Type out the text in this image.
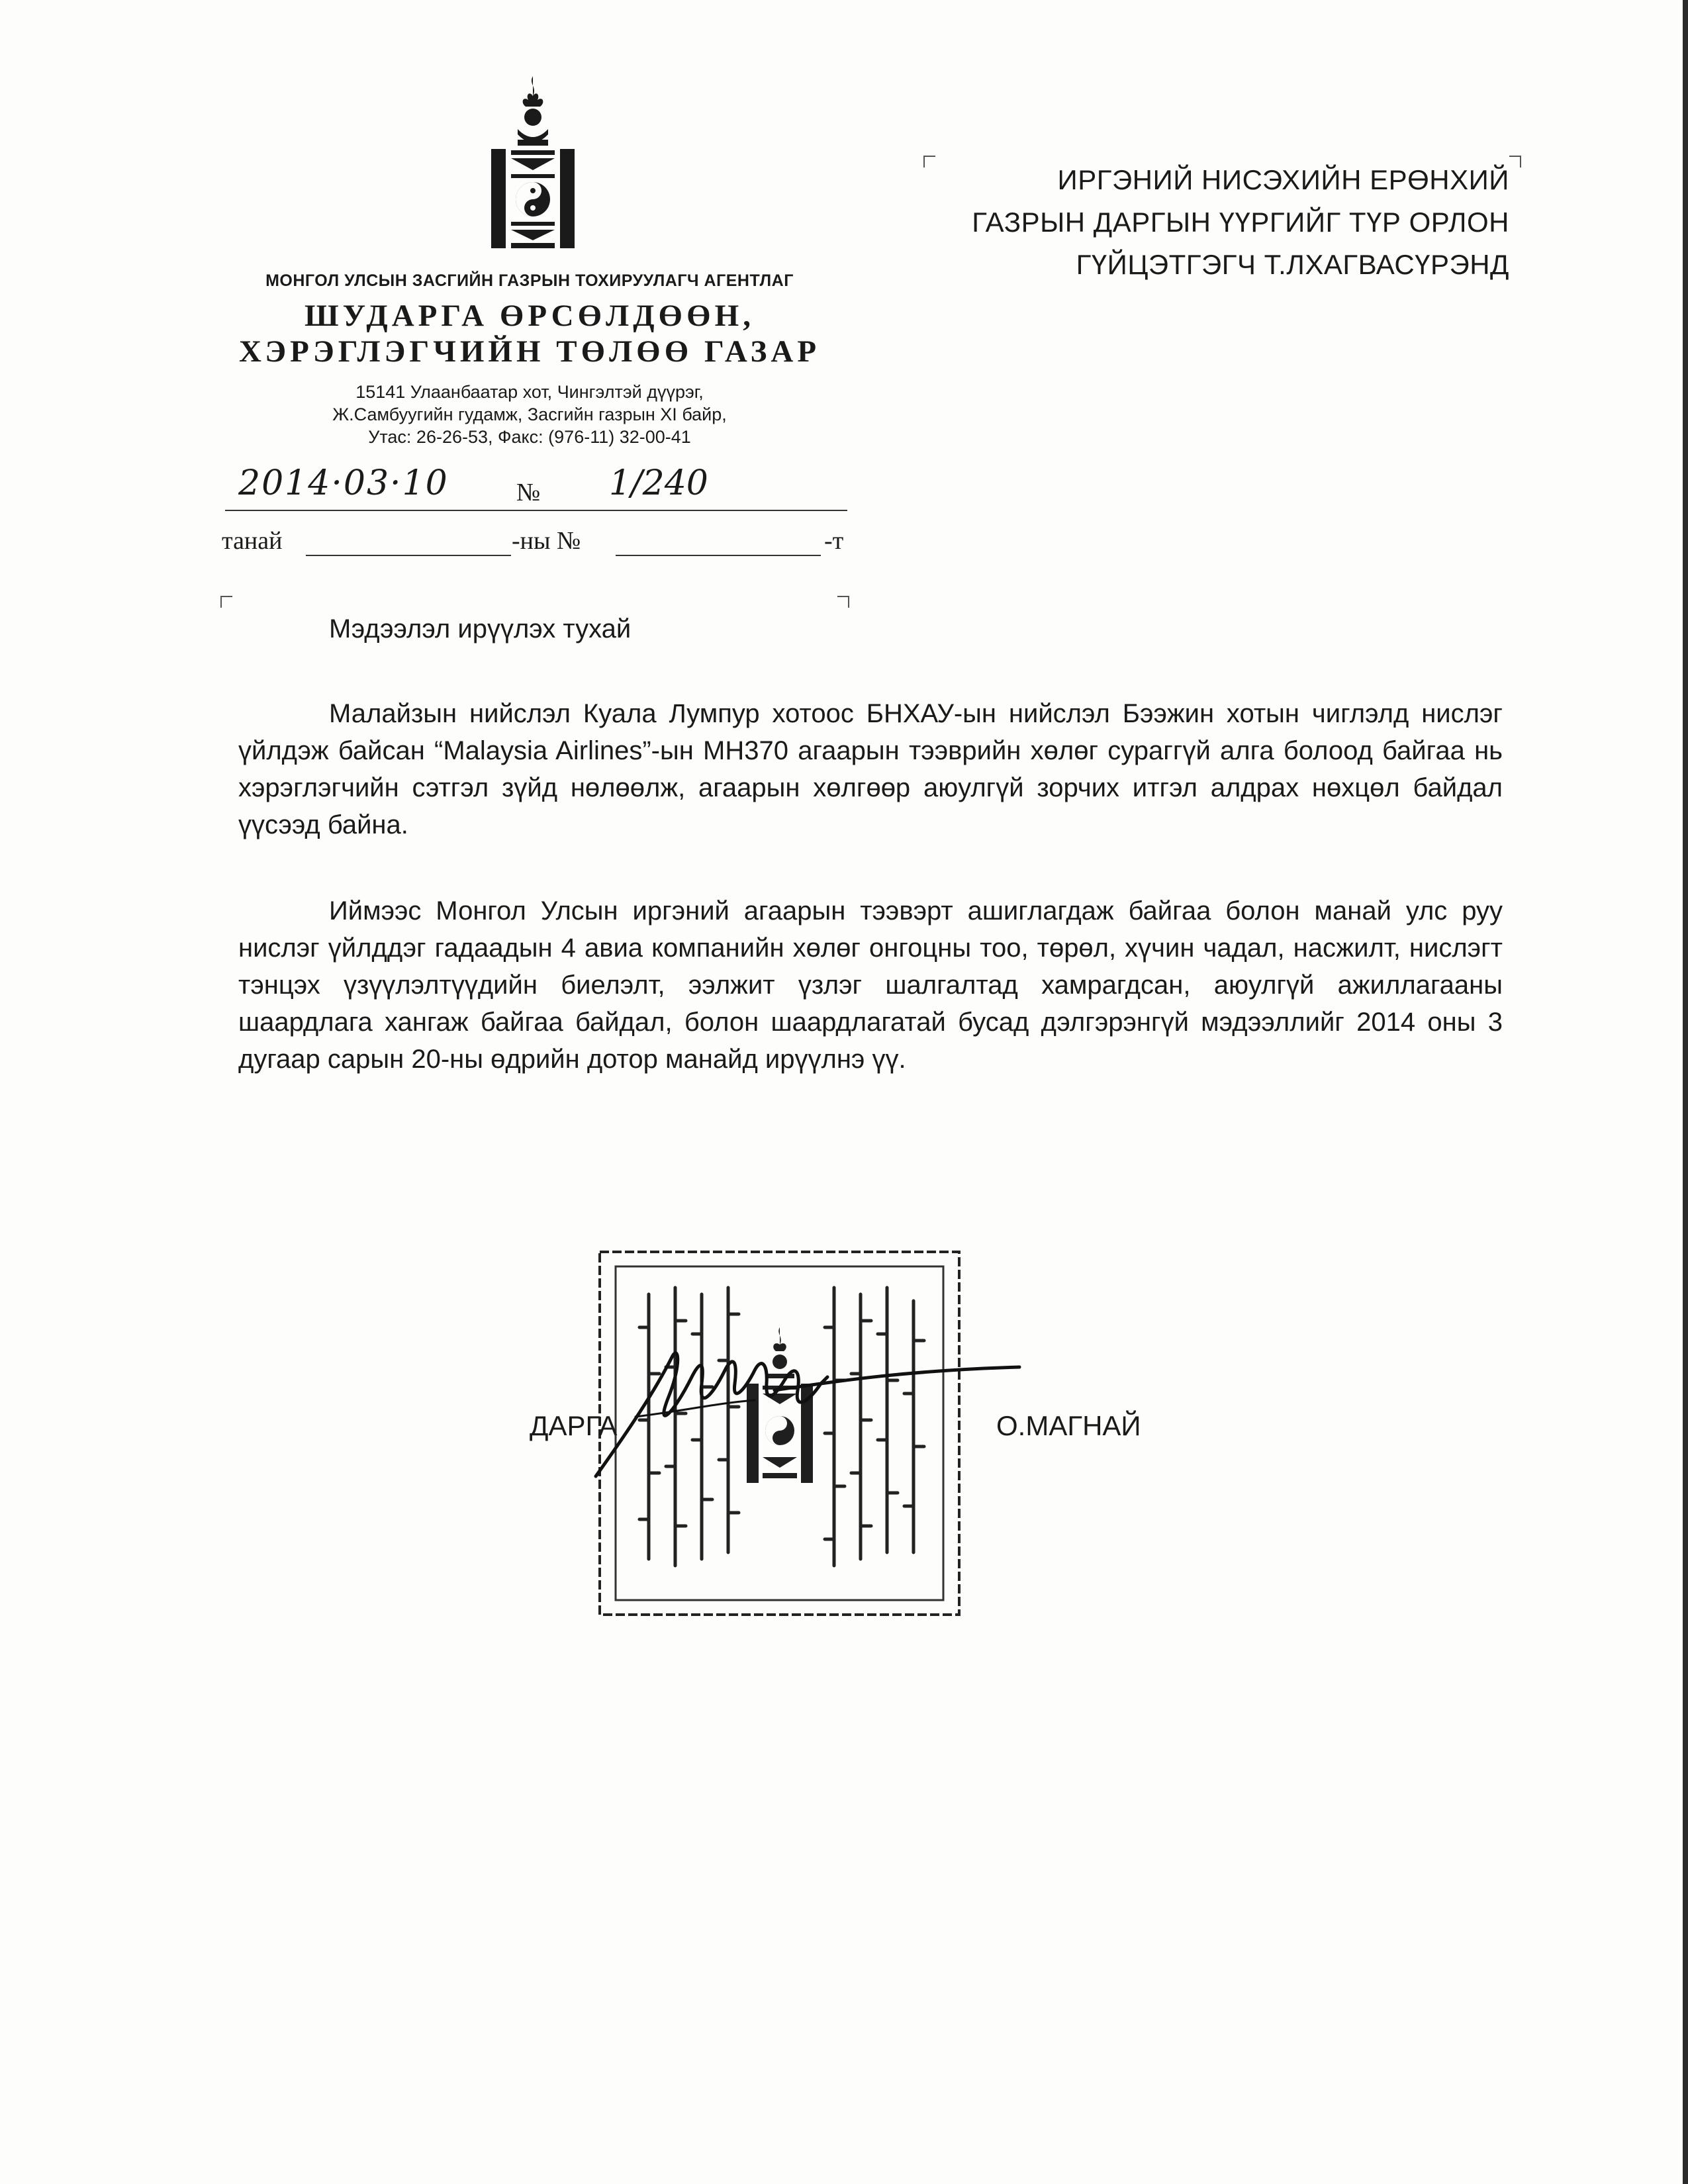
МОНГОЛ УЛСЫН ЗАСГИЙН ГАЗРЫН ТОХИРУУЛАГЧ АГЕНТЛАГ
ШУДАРГА ӨРСӨЛДӨӨН,
ХЭРЭГЛЭГЧИЙН ТӨЛӨӨ ГАЗАР
15141 Улаанбаатар хот, Чингэлтэй дүүрэг,
Ж.Самбуугийн гудамж, Засгийн газрын XI байр,
Утас: 26-26-53, Факс: (976-11) 32-00-41
2014·03·10	№ 1/240
танай	-ны №	-т
ИРГЭНИЙ НИСЭХИЙН ЕРӨНХИЙ
ГАЗРЫН ДАРГЫН ҮҮРГИЙГ ТҮР ОРЛОН
ГҮЙЦЭТГЭГЧ Т.ЛХАГВАСҮРЭНД
Мэдээлэл ирүүлэх тухай
Малайзын нийслэл Куала Лумпур хотоос БНХАУ-ын нийслэл Бээжин хотын чиглэлд нислэг үйлдэж байсан “Malaysia Airlines”-ын MH370 агаарын тээврийн хөлөг сураггүй алга болоод байгаа нь хэрэглэгчийн сэтгэл зүйд нөлөөлж, агаарын хөлгөөр аюулгүй зорчих итгэл алдрах нөхцөл байдал үүсээд байна.
Иймээс Монгол Улсын иргэний агаарын тээвэрт ашиглагдаж байгаа болон манай улс руу нислэг үйлддэг гадаадын 4 авиа компанийн хөлөг онгоцны тоо, төрөл, хүчин чадал, насжилт, нислэгт тэнцэх үзүүлэлтүүдийн биелэлт, ээлжит үзлэг шалгалтад хамрагдсан, аюулгүй ажиллагааны шаардлага хангаж байгаа байдал, болон шаардлагатай бусад дэлгэрэнгүй мэдээллийг 2014 оны 3 дугаар сарын 20-ны өдрийн дотор манайд ирүүлнэ үү.
ДАРГА	О.МАГНАЙ
